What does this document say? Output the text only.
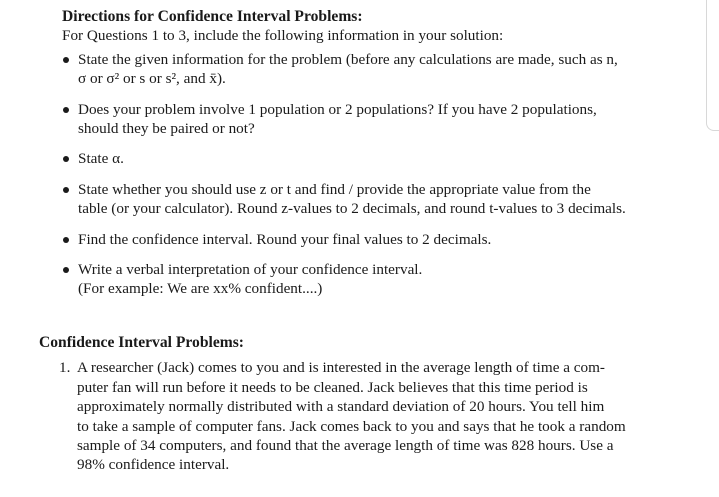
Directions for Confidence Interval Problems:

For Questions 1 to 3, include the following information in your solution:

State the given information for the problem (before any calculations are made, such as n,
σ or σ² or s or s², and x̄).
Does your problem involve 1 population or 2 populations? If you have 2 populations,
should they be paired or not?
State α.
State whether you should use z or t and find / provide the appropriate value from the
table (or your calculator). Round z-values to 2 decimals, and round t-values to 3 decimals.
Find the confidence interval. Round your final values to 2 decimals.
Write a verbal interpretation of your confidence interval.
(For example: We are xx% confident....)

Confidence Interval Problems:

1. A researcher (Jack) comes to you and is interested in the average length of time a com-
puter fan will run before it needs to be cleaned. Jack believes that this time period is
approximately normally distributed with a standard deviation of 20 hours. You tell him
to take a sample of computer fans. Jack comes back to you and says that he took a random
sample of 34 computers, and found that the average length of time was 828 hours. Use a
98% confidence interval.
